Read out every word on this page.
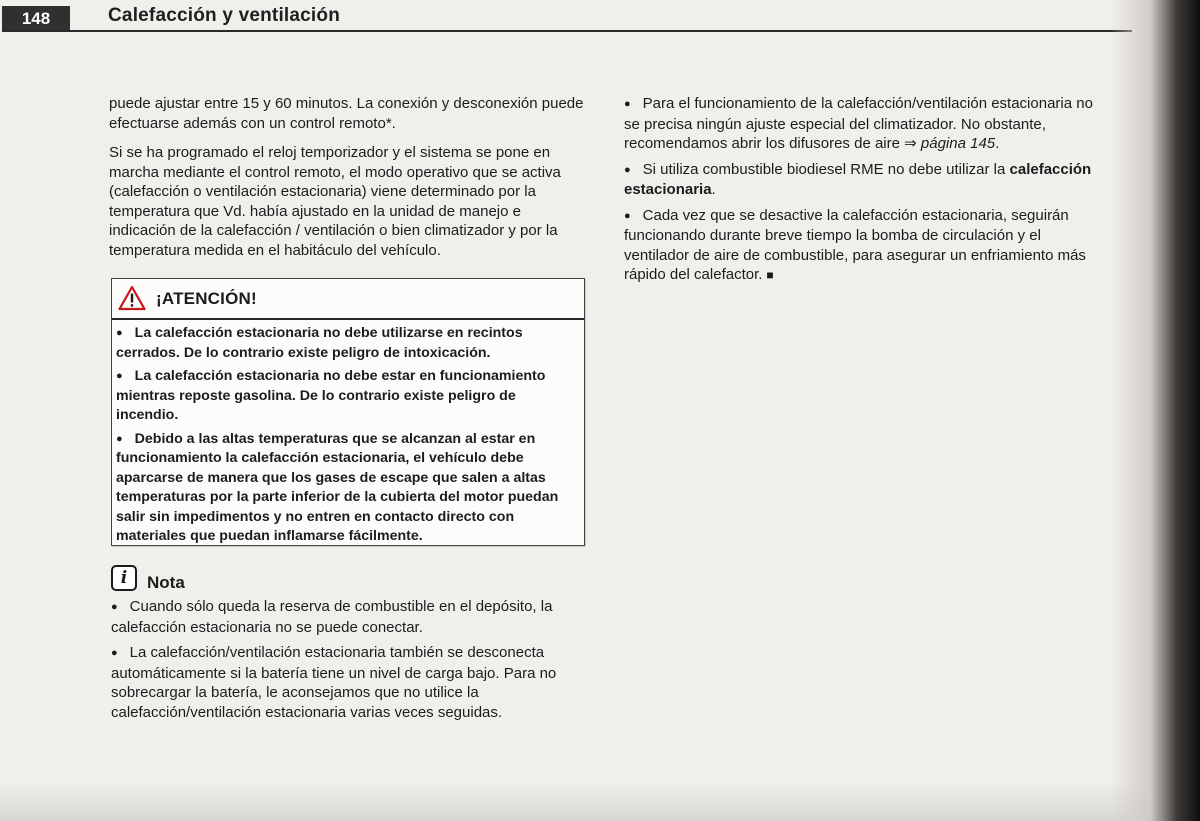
148	Calefacción y ventilación

puede ajustar entre 15 y 60 minutos. La conexión y desconexión puede efectuarse además con un control remoto*.

Si se ha programado el reloj temporizador y el sistema se pone en marcha mediante el control remoto, el modo operativo que se activa (calefacción o ventilación estacionaria) viene determinado por la temperatura que Vd. había ajustado en la unidad de manejo e indicación de la calefacción / ventilación o bien climatizador y por la temperatura medida en el habitáculo del vehículo.

¡ATENCIÓN!

● La calefacción estacionaria no debe utilizarse en recintos cerrados. De lo contrario existe peligro de intoxicación.

● La calefacción estacionaria no debe estar en funcionamiento mientras reposte gasolina. De lo contrario existe peligro de incendio.

● Debido a las altas temperaturas que se alcanzan al estar en funcionamiento la calefacción estacionaria, el vehículo debe aparcarse de manera que los gases de escape que salen a altas temperaturas por la parte inferior de la cubierta del motor puedan salir sin impedimentos y no entren en contacto directo con materiales que puedan inflamarse fácilmente.

i	Nota

● Cuando sólo queda la reserva de combustible en el depósito, la calefacción estacionaria no se puede conectar.

● La calefacción/ventilación estacionaria también se desconecta automáticamente si la batería tiene un nivel de carga bajo. Para no sobrecargar la batería, le aconsejamos que no utilice la calefacción/ventilación estacionaria varias veces seguidas.

● Para el funcionamiento de la calefacción/ventilación estacionaria no se precisa ningún ajuste especial del climatizador. No obstante, recomendamos abrir los difusores de aire ⇒ página 145.

● Si utiliza combustible biodiesel RME no debe utilizar la calefacción estacionaria.

● Cada vez que se desactive la calefacción estacionaria, seguirán funcionando durante breve tiempo la bomba de circulación y el ventilador de aire de combustible, para asegurar un enfriamiento más rápido del calefactor. ■
